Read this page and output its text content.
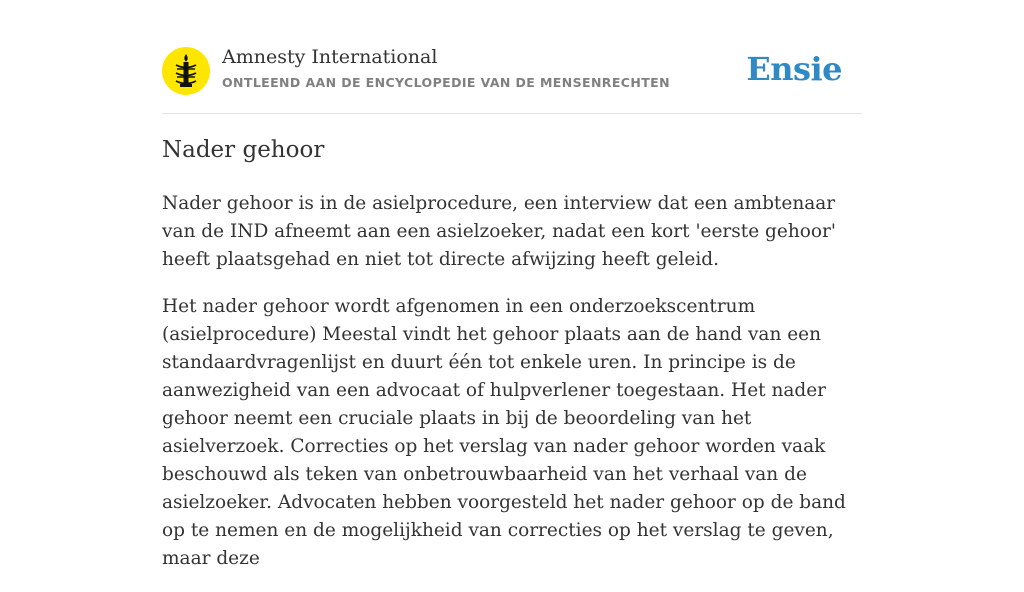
Amnesty International
ONTLEEND AAN DE ENCYCLOPEDIE VAN DE MENSENRECHTEN Ensie
Nader gehoor

Nader gehoor is in de asielprocedure, een interview dat een ambtenaar van de IND afneemt aan een asielzoeker, nadat een kort 'eerste gehoor' heeft plaatsgehad en niet tot directe afwijzing heeft geleid.

Het nader gehoor wordt afgenomen in een onderzoekscentrum (asielprocedure) Meestal vindt het gehoor plaats aan de hand van een standaardvragenlijst en duurt één tot enkele uren. In principe is de aanwezigheid van een advocaat of hulpverlener toegestaan. Het nader gehoor neemt een cruciale plaats in bij de beoordeling van het asielverzoek. Correcties op het verslag van nader gehoor worden vaak beschouwd als teken van onbetrouwbaarheid van het verhaal van de asielzoeker. Advocaten hebben voorgesteld het nader gehoor op de band op te nemen en de mogelijkheid van correcties op het verslag te geven, maar deze
